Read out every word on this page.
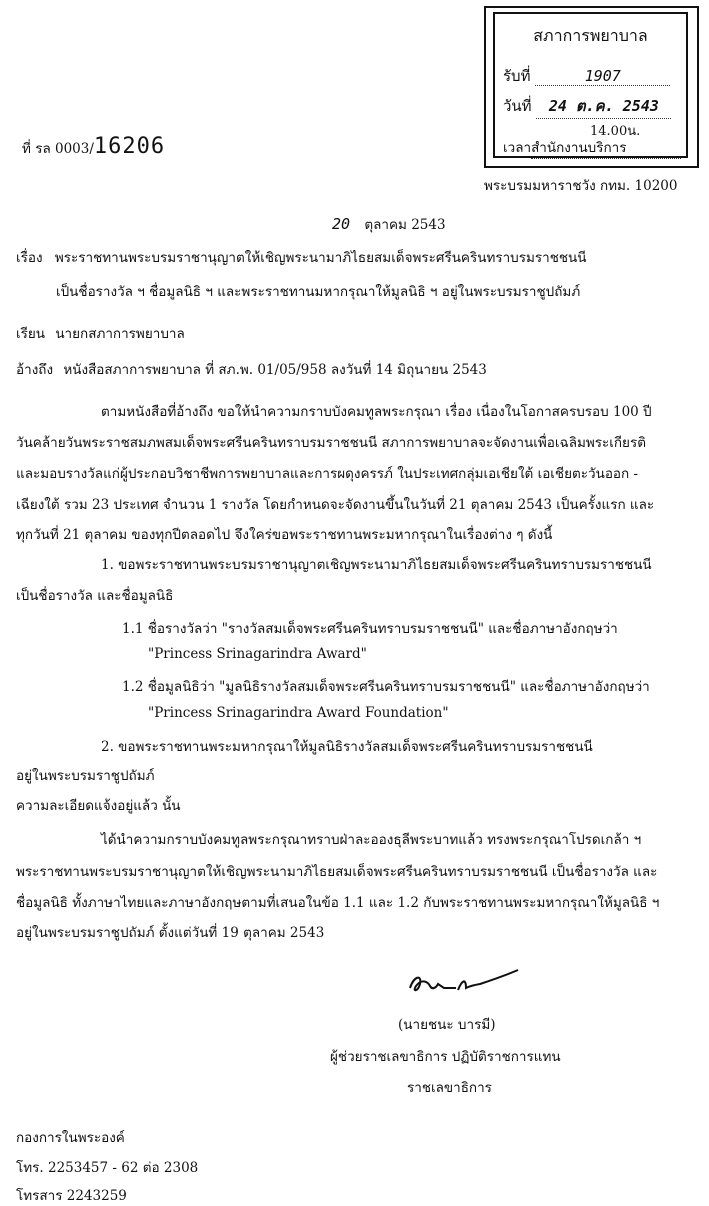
สภาการพยาบาล
รับที่	1907
วันที่ 24 ต.ค. 2543
14.00น.
เวลาสำนักงานบริการ
ที่ รล 0003/16206
พระบรมมหาราชวัง กทม. 10200
20 ตุลาคม 2543
เรื่อง พระราชทานพระบรมราชานุญาตให้เชิญพระนามาภิไธยสมเด็จพระศรีนครินทราบรมราชชนนี
เป็นชื่อรางวัล ฯ ชื่อมูลนิธิ ฯ และพระราชทานมหากรุณาให้มูลนิธิ ฯ อยู่ในพระบรมราชูปถัมภ์
เรียน นายกสภาการพยาบาล
อ้างถึง หนังสือสภาการพยาบาล ที่ สภ.พ. 01/05/958 ลงวันที่ 14 มิถุนายน 2543
ตามหนังสือที่อ้างถึง ขอให้นำความกราบบังคมทูลพระกรุณา เรื่อง เนื่องในโอกาสครบรอบ 100 ปี
วันคล้ายวันพระราชสมภพสมเด็จพระศรีนครินทราบรมราชชนนี สภาการพยาบาลจะจัดงานเพื่อเฉลิมพระเกียรติ
และมอบรางวัลแก่ผู้ประกอบวิชาชีพการพยาบาลและการผดุงครรภ์ ในประเทศกลุ่มเอเชียใต้ เอเชียตะวันออก -
เฉียงใต้ รวม 23 ประเทศ จำนวน 1 รางวัล โดยกำหนดจะจัดงานขึ้นในวันที่ 21 ตุลาคม 2543 เป็นครั้งแรก และ
ทุกวันที่ 21 ตุลาคม ของทุกปีตลอดไป จึงใคร่ขอพระราชทานพระมหากรุณาในเรื่องต่าง ๆ ดังนี้
1. ขอพระราชทานพระบรมราชานุญาตเชิญพระนามาภิไธยสมเด็จพระศรีนครินทราบรมราชชนนี
เป็นชื่อรางวัล และชื่อมูลนิธิ
1.1 ชื่อรางวัลว่า "รางวัลสมเด็จพระศรีนครินทราบรมราชชนนี" และชื่อภาษาอังกฤษว่า
"Princess Srinagarindra Award"
1.2 ชื่อมูลนิธิว่า "มูลนิธิรางวัลสมเด็จพระศรีนครินทราบรมราชชนนี" และชื่อภาษาอังกฤษว่า
"Princess Srinagarindra Award Foundation"
2. ขอพระราชทานพระมหากรุณาให้มูลนิธิรางวัลสมเด็จพระศรีนครินทราบรมราชชนนี
อยู่ในพระบรมราชูปถัมภ์
ความละเอียดแจ้งอยู่แล้ว นั้น
ได้นำความกราบบังคมทูลพระกรุณาทราบฝ่าละอองธุลีพระบาทแล้ว ทรงพระกรุณาโปรดเกล้า ฯ
พระราชทานพระบรมราชานุญาตให้เชิญพระนามาภิไธยสมเด็จพระศรีนครินทราบรมราชชนนี เป็นชื่อรางวัล และ
ชื่อมูลนิธิ ทั้งภาษาไทยและภาษาอังกฤษตามที่เสนอในข้อ 1.1 และ 1.2 กับพระราชทานพระมหากรุณาให้มูลนิธิ ฯ
อยู่ในพระบรมราชูปถัมภ์ ตั้งแต่วันที่ 19 ตุลาคม 2543
(นายชนะ บารมี)
ผู้ช่วยราชเลขาธิการ ปฏิบัติราชการแทน
ราชเลขาธิการ
กองการในพระองค์
โทร. 2253457 - 62 ต่อ 2308
โทรสาร 2243259
